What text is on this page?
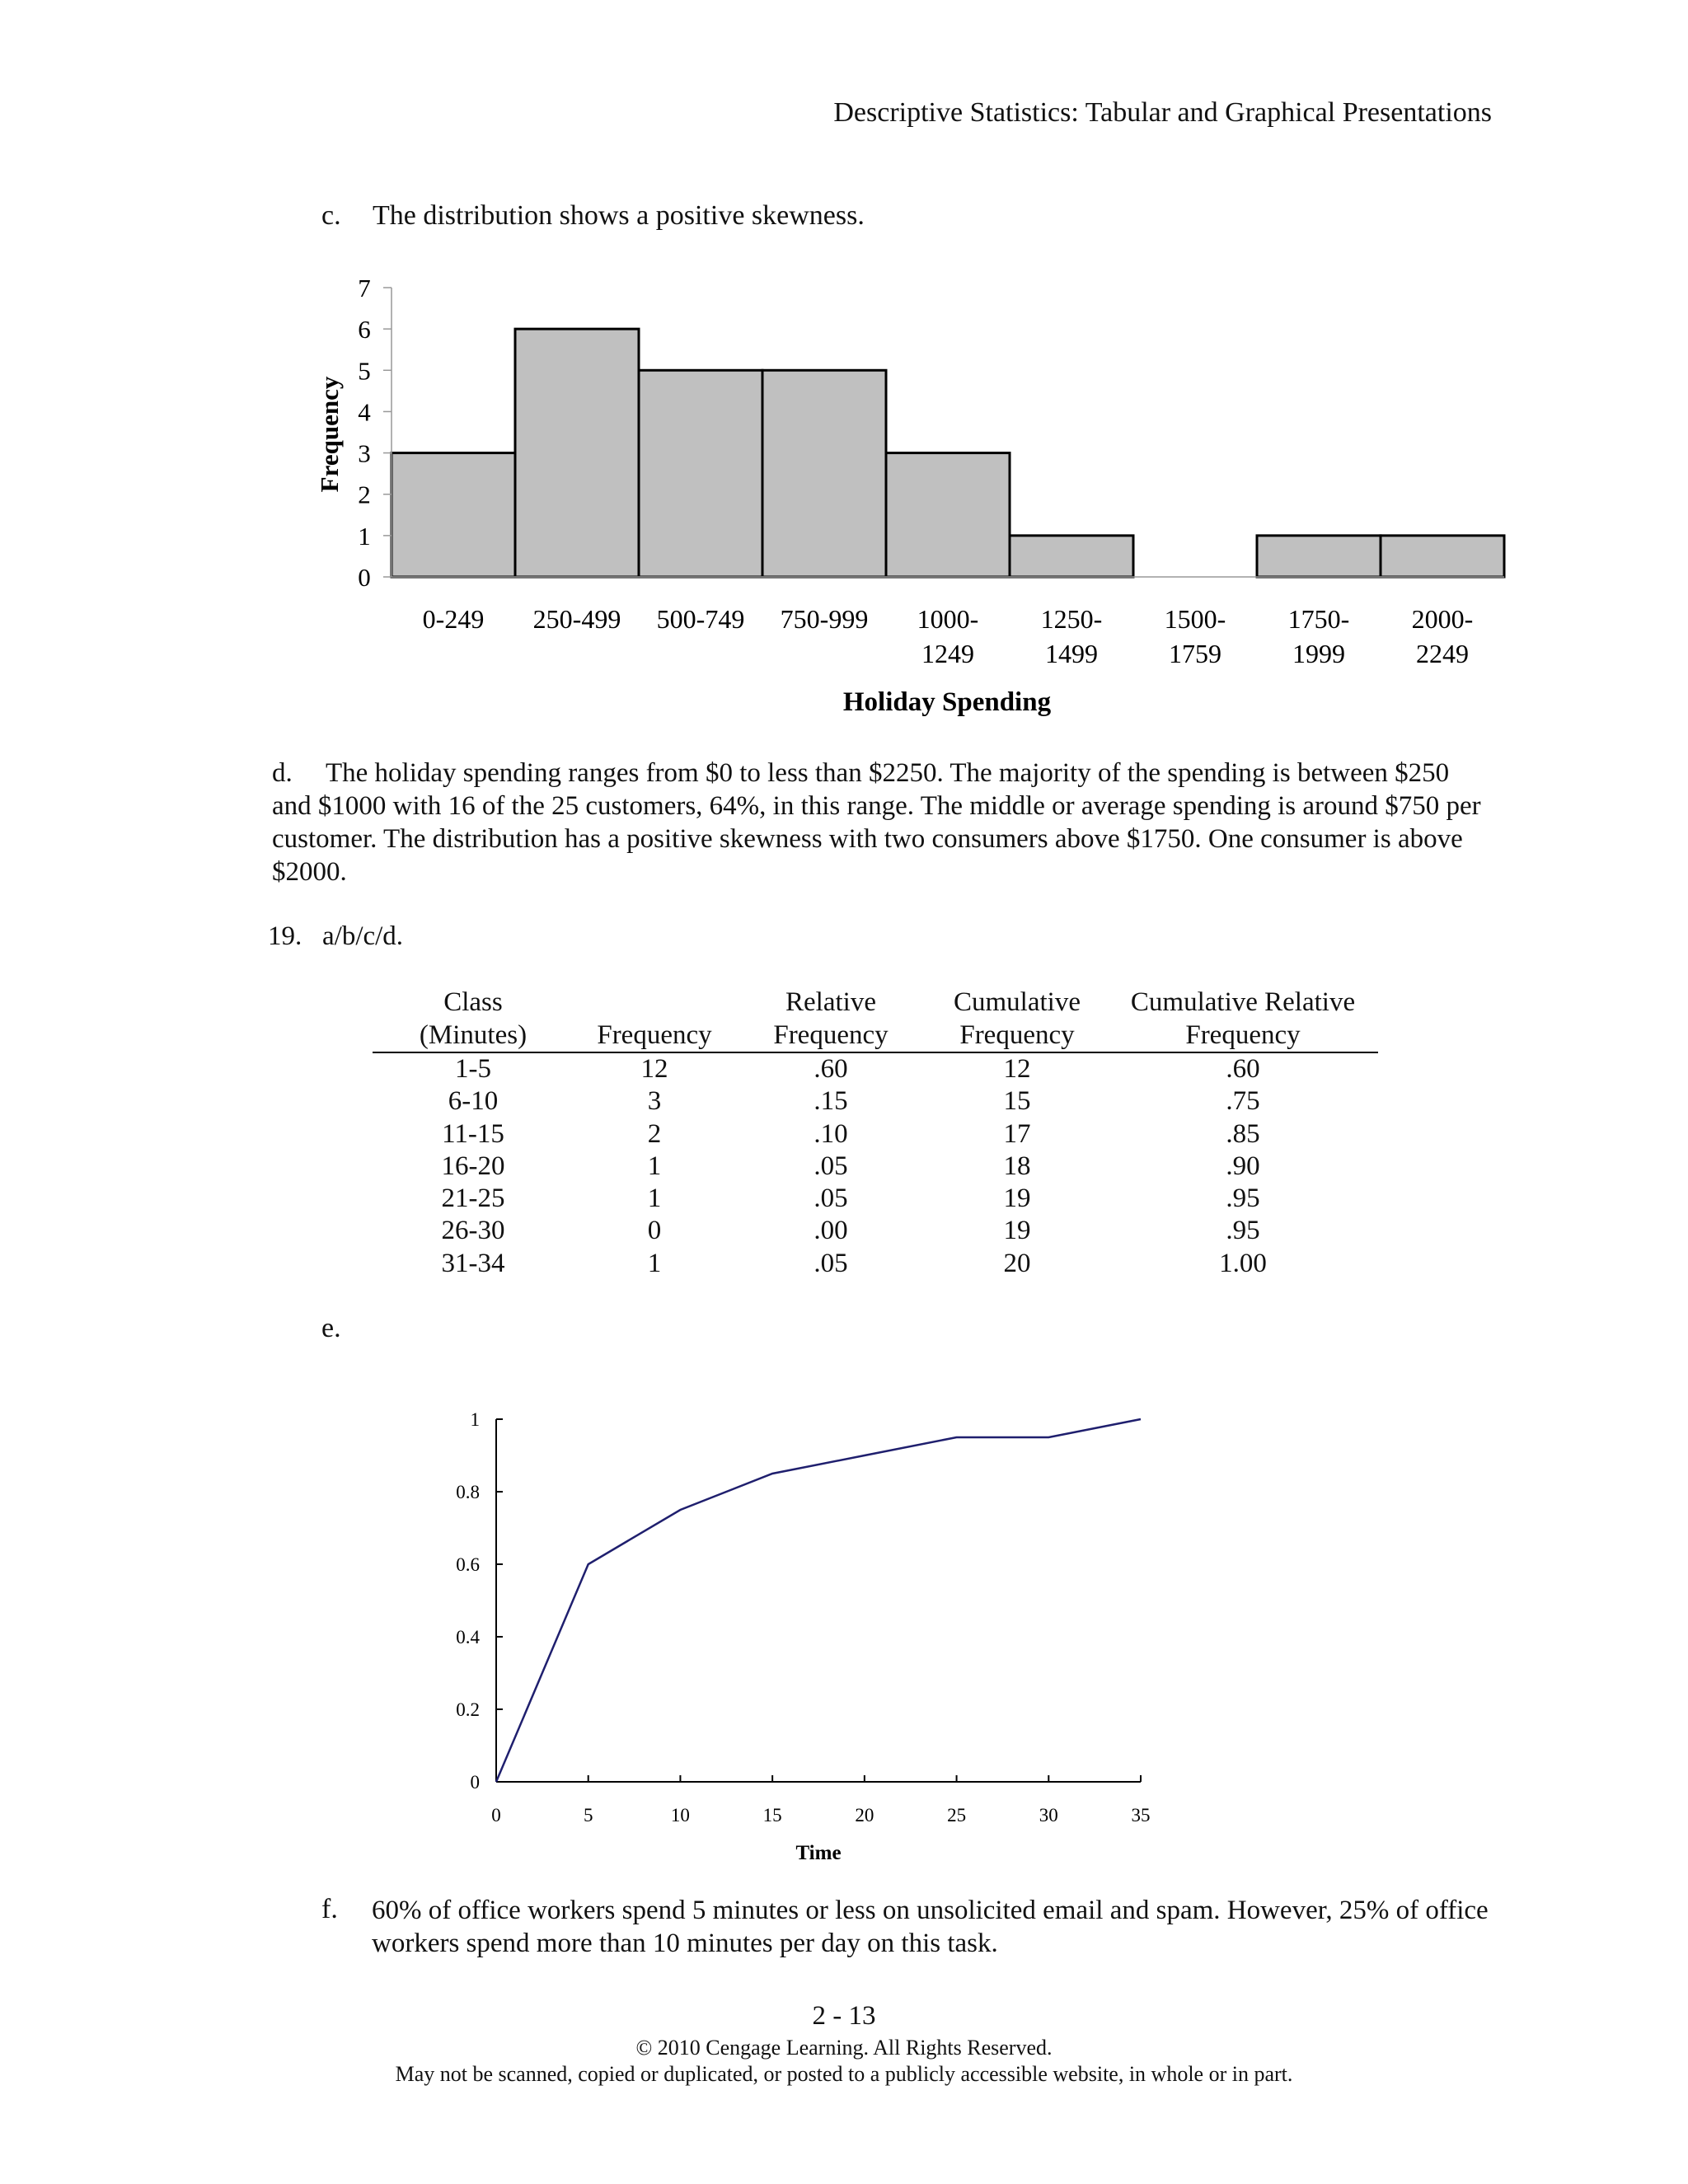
Descriptive Statistics: Tabular and Graphical Presentations
c. The distribution shows a positive skewness.
0
1
2
3
4
5
6
7
0-249 250-499 500-749 750-999 1000-
1249
1250-
1499
1500-
1759
1750-
1999
2000-
2249
Frequency
Holiday Spending
d. The holiday spending ranges from $0 to less than $2250. The majority of the spending is between $250 and $1000 with 16 of the 25 customers, 64%, in this range. The middle or average spending is around $750 per customer. The distribution has a positive skewness with two consumers above $1750. One consumer is above $2000.
19.   a/b/c/d.
Class		Relative	Cumulative	Cumulative Relative
(Minutes)	Frequency	Frequency	Frequency	Frequency
1-5	12	.60	12	.60
6-10	3	.15	15	.75
11-15	2	.10	17	.85
16-20	1	.05	18	.90
21-25	1	.05	19	.95
26-30	0	.00	19	.95
31-34	1	.05	20	1.00
e.
0
0.2
0.4
0.6
0.8
1
0	5	10	15	20	25	30	35
Time
f. 60% of office workers spend 5 minutes or less on unsolicited email and spam. However, 25% of office workers spend more than 10 minutes per day on this task.
2 - 13
© 2010 Cengage Learning. All Rights Reserved.
May not be scanned, copied or duplicated, or posted to a publicly accessible website, in whole or in part.
